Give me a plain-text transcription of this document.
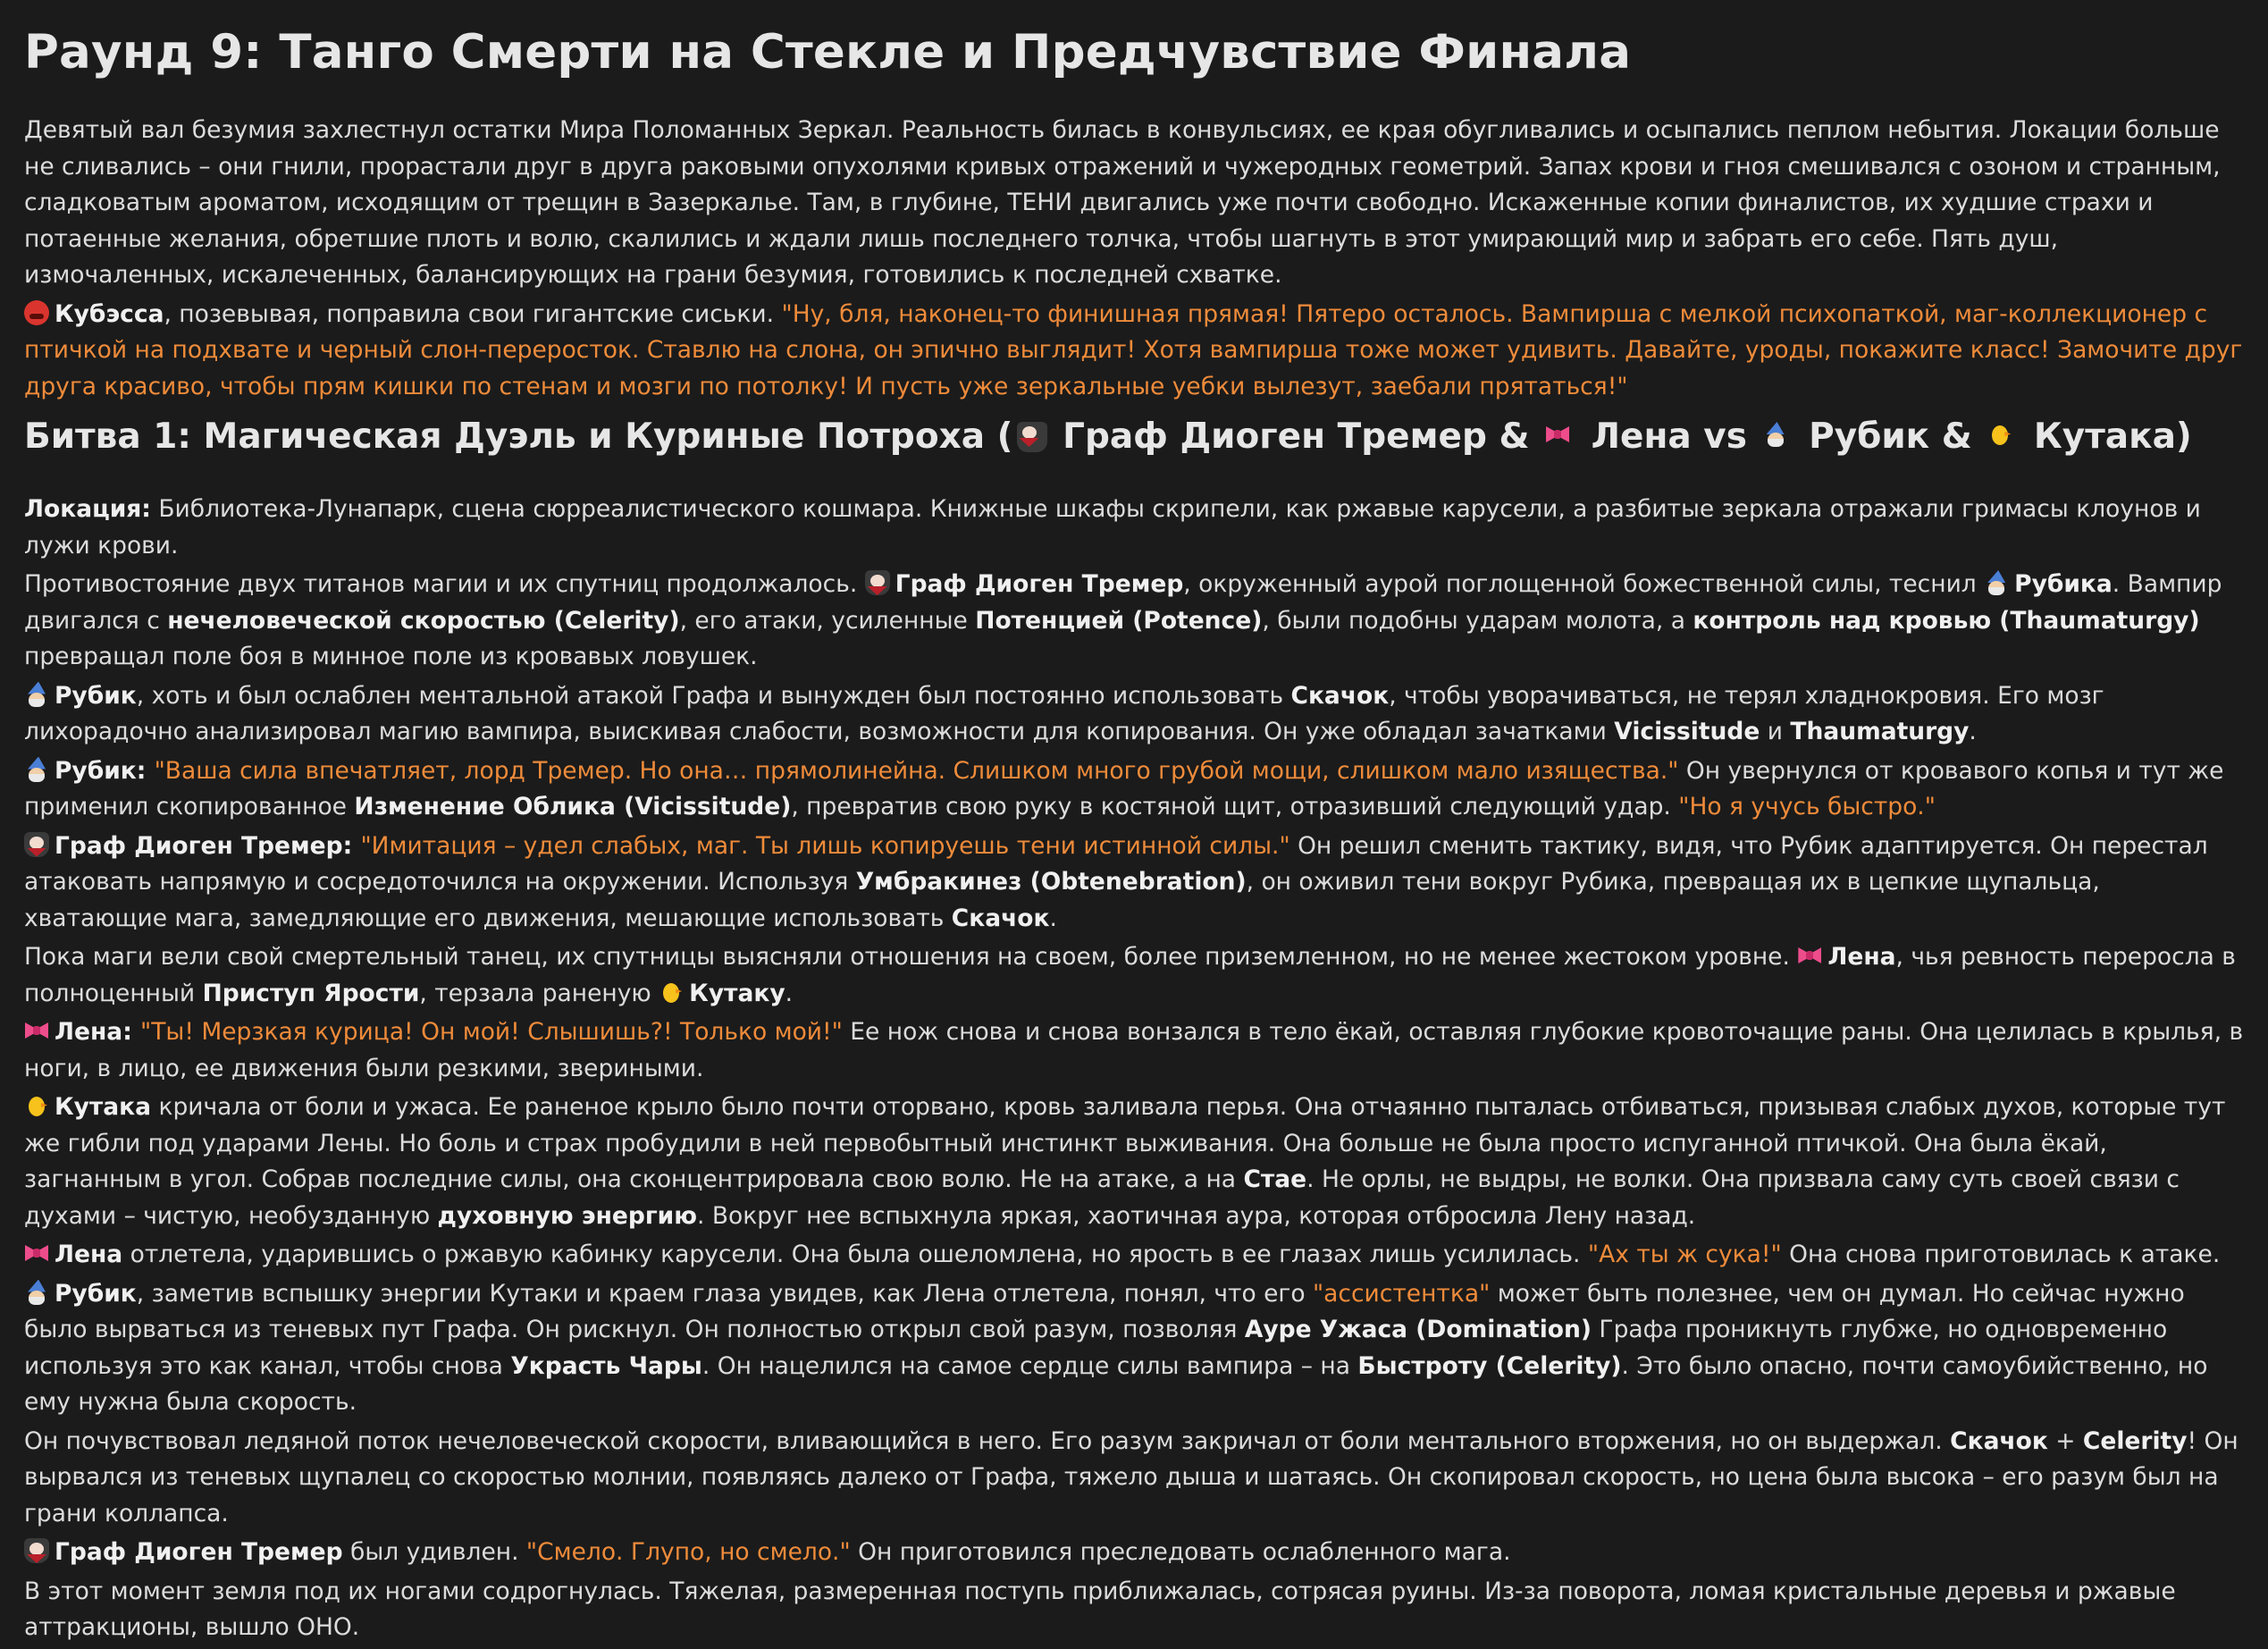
Раунд 9: Танго Смерти на Стекле и Предчувствие Финала

Девятый вал безумия захлестнул остатки Мира Поломанных Зеркал. Реальность билась в конвульсиях, ее края обугливались и осыпались пеплом небытия. Локации больше не сливались – они гнили, прорастали друг в друга раковыми опухолями кривых отражений и чужеродных геометрий. Запах крови и гноя смешивался с озоном и странным, сладковатым ароматом, исходящим от трещин в Зазеркалье. Там, в глубине, ТЕНИ двигались уже почти свободно. Искаженные копии финалистов, их худшие страхи и потаенные желания, обретшие плоть и волю, скалились и ждали лишь последнего толчка, чтобы шагнуть в этот умирающий мир и забрать его себе. Пять душ, измочаленных, искалеченных, балансирующих на грани безумия, готовились к последней схватке.

Кубэсса, позевывая, поправила свои гигантские сиськи. "Ну, бля, наконец-то финишная прямая! Пятеро осталось. Вампирша с мелкой психопаткой, маг-коллекционер с птичкой на подхвате и черный слон-переросток. Ставлю на слона, он эпично выглядит! Хотя вампирша тоже может удивить. Давайте, уроды, покажите класс! Замочите друг друга красиво, чтобы прям кишки по стенам и мозги по потолку! И пусть уже зеркальные уебки вылезут, заебали прятаться!"

Битва 1: Магическая Дуэль и Куриные Потроха ( Граф Диоген Тремер &  Лена vs  Рубик &  Кутака)

Локация: Библиотека-Лунапарк, сцена сюрреалистического кошмара. Книжные шкафы скрипели, как ржавые карусели, а разбитые зеркала отражали гримасы клоунов и лужи крови.

Противостояние двух титанов магии и их спутниц продолжалось. Граф Диоген Тремер, окруженный аурой поглощенной божественной силы, теснил Рубика. Вампир двигался с нечеловеческой скоростью (Celerity), его атаки, усиленные Потенцией (Potence), были подобны ударам молота, а контроль над кровью (Thaumaturgy) превращал поле боя в минное поле из кровавых ловушек.

Рубик, хоть и был ослаблен ментальной атакой Графа и вынужден был постоянно использовать Скачок, чтобы уворачиваться, не терял хладнокровия. Его мозг лихорадочно анализировал магию вампира, выискивая слабости, возможности для копирования. Он уже обладал зачатками Vicissitude и Thaumaturgy.

Рубик: "Ваша сила впечатляет, лорд Тремер. Но она… прямолинейна. Слишком много грубой мощи, слишком мало изящества." Он увернулся от кровавого копья и тут же применил скопированное Изменение Облика (Vicissitude), превратив свою руку в костяной щит, отразивший следующий удар. "Но я учусь быстро."

Граф Диоген Тремер: "Имитация – удел слабых, маг. Ты лишь копируешь тени истинной силы." Он решил сменить тактику, видя, что Рубик адаптируется. Он перестал атаковать напрямую и сосредоточился на окружении. Используя Умбракинез (Obtenebration), он оживил тени вокруг Рубика, превращая их в цепкие щупальца, хватающие мага, замедляющие его движения, мешающие использовать Скачок.

Пока маги вели свой смертельный танец, их спутницы выясняли отношения на своем, более приземленном, но не менее жестоком уровне. Лена, чья ревность переросла в полноценный Приступ Ярости, терзала раненую Кутаку.

Лена: "Ты! Мерзкая курица! Он мой! Слышишь?! Только мой!" Ее нож снова и снова вонзался в тело ёкай, оставляя глубокие кровоточащие раны. Она целилась в крылья, в ноги, в лицо, ее движения были резкими, звериными.

Кутака кричала от боли и ужаса. Ее раненое крыло было почти оторвано, кровь заливала перья. Она отчаянно пыталась отбиваться, призывая слабых духов, которые тут же гибли под ударами Лены. Но боль и страх пробудили в ней первобытный инстинкт выживания. Она больше не была просто испуганной птичкой. Она была ёкай, загнанным в угол. Собрав последние силы, она сконцентрировала свою волю. Не на атаке, а на Стае. Не орлы, не выдры, не волки. Она призвала саму суть своей связи с духами – чистую, необузданную духовную энергию. Вокруг нее вспыхнула яркая, хаотичная аура, которая отбросила Лену назад.

Лена отлетела, ударившись о ржавую кабинку карусели. Она была ошеломлена, но ярость в ее глазах лишь усилилась. "Ах ты ж сука!" Она снова приготовилась к атаке.

Рубик, заметив вспышку энергии Кутаки и краем глаза увидев, как Лена отлетела, понял, что его "ассистентка" может быть полезнее, чем он думал. Но сейчас нужно было вырваться из теневых пут Графа. Он рискнул. Он полностью открыл свой разум, позволяя Ауре Ужаса (Domination) Графа проникнуть глубже, но одновременно используя это как канал, чтобы снова Украсть Чары. Он нацелился на самое сердце силы вампира – на Быстроту (Celerity). Это было опасно, почти самоубийственно, но ему нужна была скорость.

Он почувствовал ледяной поток нечеловеческой скорости, вливающийся в него. Его разум закричал от боли ментального вторжения, но он выдержал. Скачок + Celerity! Он вырвался из теневых щупалец со скоростью молнии, появляясь далеко от Графа, тяжело дыша и шатаясь. Он скопировал скорость, но цена была высока – его разум был на грани коллапса.

Граф Диоген Тремер был удивлен. "Смело. Глупо, но смело." Он приготовился преследовать ослабленного мага.

В этот момент земля под их ногами содрогнулась. Тяжелая, размеренная поступь приближалась, сотрясая руины. Из-за поворота, ломая кристальные деревья и ржавые аттракционы, вышло ОНО.
